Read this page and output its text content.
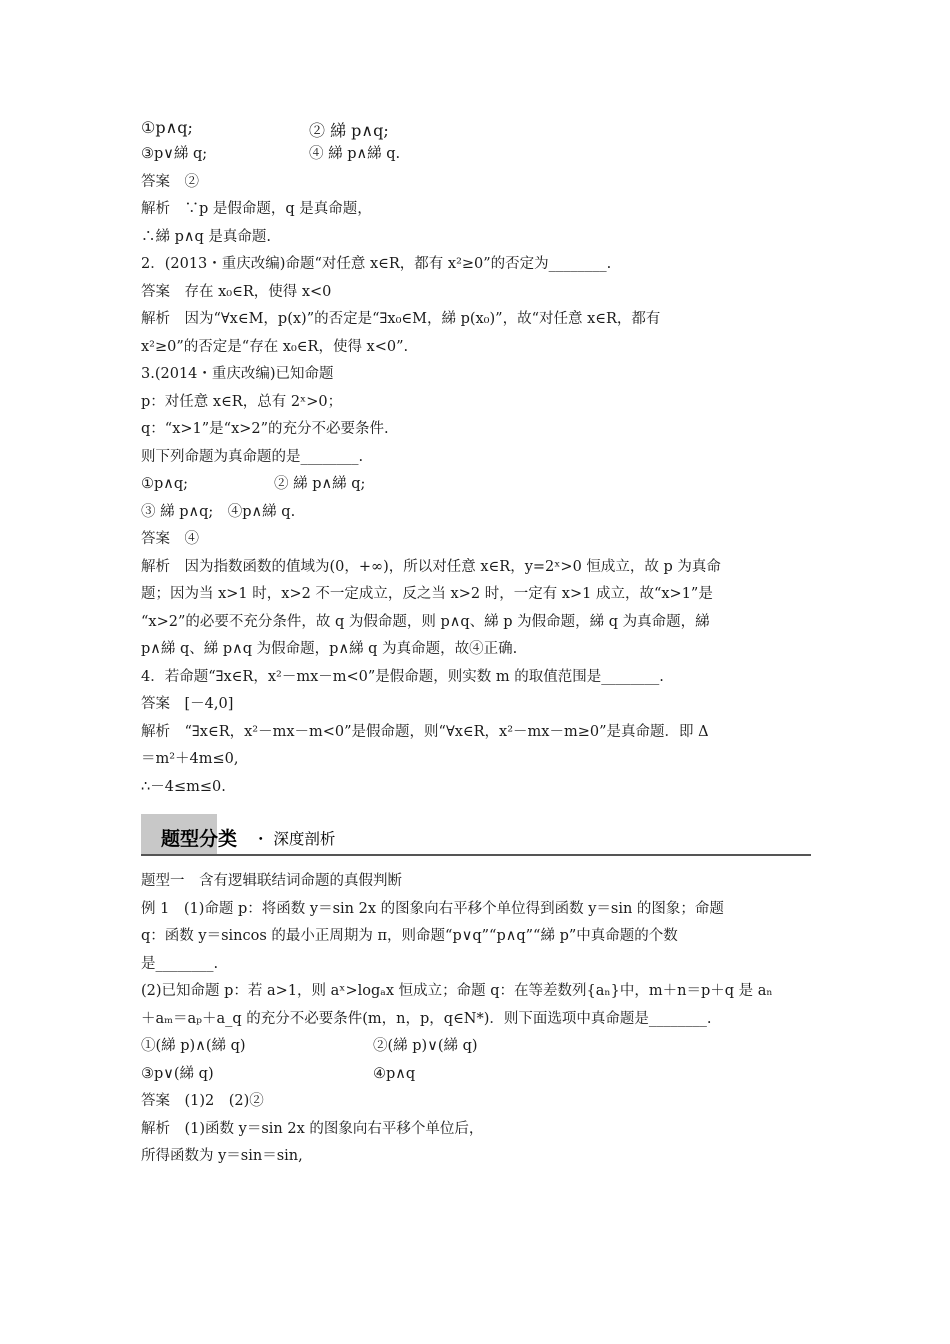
①p∧q;	② 綈 p∧q;
③p∨綈 q;	④ 綈 p∧綈 q.
答案　②
解析　∵p 是假命题，q 是真命题，
∴綈 p∧q 是真命题.
2．(2013・重庆改编)命题“对任意 x∈R，都有 x²≥0”的否定为________.
答案　存在 x₀∈R，使得 x<0
解析　因为“∀x∈M，p(x)”的否定是“∃x₀∈M，綈 p(x₀)”，故“对任意 x∈R，都有
x²≥0”的否定是“存在 x₀∈R，使得 x<0”.
3.(2014・重庆改编)已知命题
p：对任意 x∈R，总有 2ˣ>0；
q：“x>1”是“x>2”的充分不必要条件.
则下列命题为真命题的是________.
①p∧q;	② 綈 p∧綈 q;
③ 綈 p∧q;　④p∧綈 q.
答案　④
解析　因为指数函数的值域为(0，+∞)，所以对任意 x∈R，y=2ˣ>0 恒成立，故 p 为真命
题；因为当 x>1 时，x>2 不一定成立，反之当 x>2 时，一定有 x>1 成立，故“x>1”是
“x>2”的必要不充分条件，故 q 为假命题，则 p∧q、綈 p 为假命题，綈 q 为真命题，綈
p∧綈 q、綈 p∧q 为假命题，p∧綈 q 为真命题，故④正确.
4．若命题“∃x∈R，x²－mx－m<0”是假命题，则实数 m 的取值范围是________.
答案　[－4,0]
解析　“∃x∈R，x²－mx－m<0”是假命题，则“∀x∈R，x²－mx－m≥0”是真命题．即 Δ
＝m²＋4m≤0,
∴－4≤m≤0.
题型分类 ・ 深度剖析
题型一　含有逻辑联结词命题的真假判断
例 1　(1)命题 p：将函数 y＝sin 2x 的图象向右平移个单位得到函数 y＝sin 的图象；命题
q：函数 y＝sincos 的最小正周期为 π，则命题“p∨q”“p∧q”“綈 p”中真命题的个数
是________.
(2)已知命题 p：若 a>1，则 aˣ>logₐx 恒成立；命题 q：在等差数列{aₙ}中，m＋n＝p＋q 是 aₙ
＋aₘ＝aₚ＋a_q 的充分不必要条件(m，n，p，q∈N*)．则下面选项中真命题是________.
①(綈 p)∧(綈 q)	②(綈 p)∨(綈 q)
③p∨(綈 q)	④p∧q
答案　(1)2　(2)②
解析　(1)函数 y＝sin 2x 的图象向右平移个单位后，
所得函数为 y＝sin＝sin,
